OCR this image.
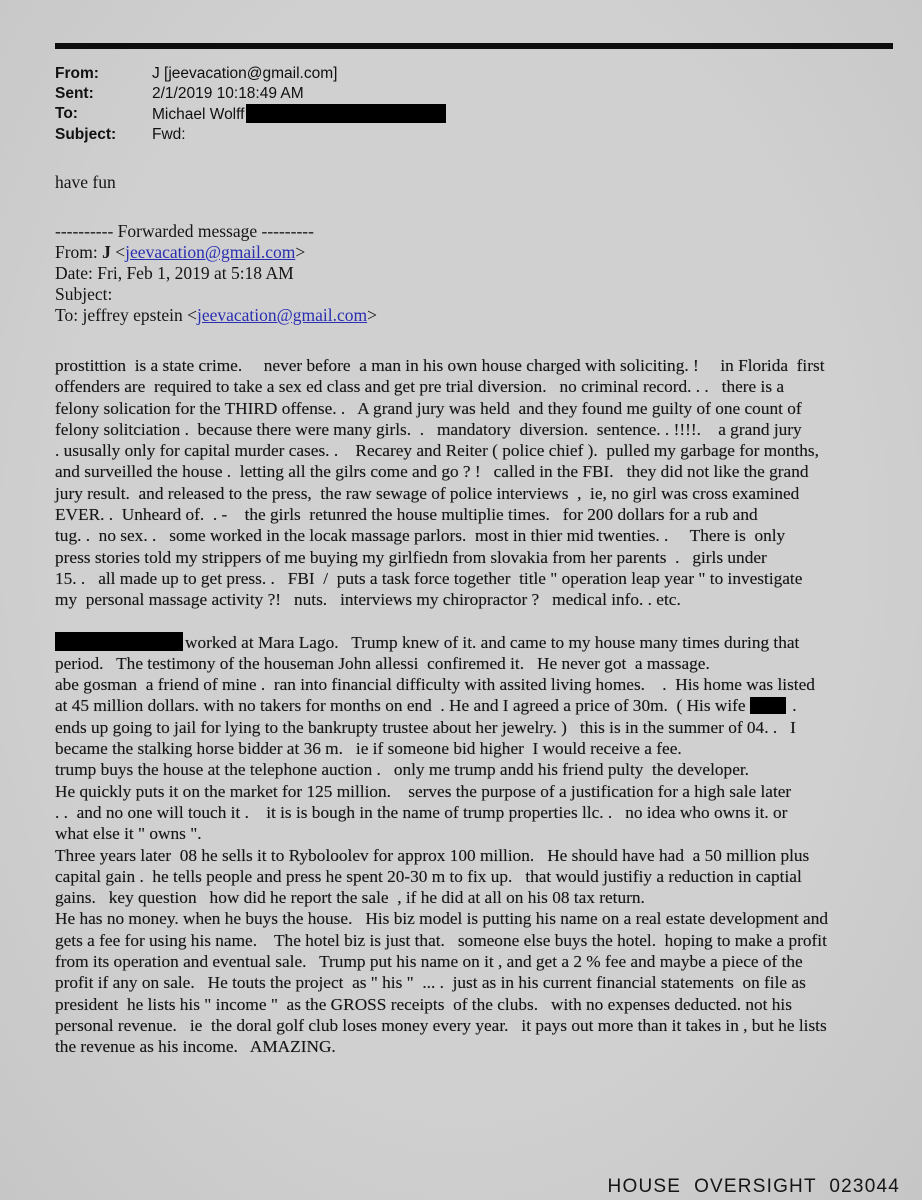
From:	J [jeevacation@gmail.com]
Sent:	2/1/2019 10:18:49 AM
To:	Michael Wolff
Subject:	Fwd:
have fun
---------- Forwarded message ---------
From: J <jeevacation@gmail.com>
Date: Fri, Feb 1, 2019 at 5:18 AM
Subject:
To: jeffrey epstein <jeevacation@gmail.com>
prostittion  is a state crime.     never before  a man in his own house charged with soliciting. !     in Florida  first
offenders are  required to take a sex ed class and get pre trial diversion.   no criminal record. . .   there is a
felony solication for the THIRD offense. .   A grand jury was held  and they found me guilty of one count of
felony solitciation .  because there were many girls.  .   mandatory  diversion.  sentence. . !!!!.    a grand jury
. ususally only for capital murder cases. .    Recarey and Reiter ( police chief ).  pulled my garbage for months,
and surveilled the house .  letting all the gilrs come and go ? !   called in the FBI.   they did not like the grand
jury result.  and released to the press,  the raw sewage of police interviews  ,  ie, no girl was cross examined
EVER. .  Unheard of.  . -    the girls  retunred the house multiplie times.   for 200 dollars for a rub and
tug. .  no sex. .   some worked in the locak massage parlors.  most in thier mid twenties. .     There is  only
press stories told my strippers of me buying my girlfiedn from slovakia from her parents  .   girls under
15. .   all made up to get press. .   FBI  /  puts a task force together  title " operation leap year " to investigate
my  personal massage activity ?!   nuts.   interviews my chiropractor ?   medical info. . etc.
worked at Mara Lago.   Trump knew of it. and came to my house many times during that
period.   The testimony of the houseman John allessi  confiremed it.   He never got  a massage.
abe gosman  a friend of mine .  ran into financial difficulty with assited living homes.    .  His home was listed
at 45 million dollars. with no takers for months on end  . He and I agreed a price of 30m.  ( His wife  .
ends up going to jail for lying to the bankrupty trustee about her jewelry. )   this is in the summer of 04. .   I
became the stalking horse bidder at 36 m.   ie if someone bid higher  I would receive a fee.
trump buys the house at the telephone auction .   only me trump andd his friend pulty  the developer.
He quickly puts it on the market for 125 million.    serves the purpose of a justification for a high sale later
. .  and no one will touch it .    it is is bough in the name of trump properties llc. .   no idea who owns it. or
what else it " owns ".
Three years later  08 he sells it to Ryboloolev for approx 100 million.   He should have had  a 50 million plus
capital gain .  he tells people and press he spent 20-30 m to fix up.   that would justifiy a reduction in captial
gains.   key question   how did he report the sale  , if he did at all on his 08 tax return.
He has no money. when he buys the house.   His biz model is putting his name on a real estate development and
gets a fee for using his name.    The hotel biz is just that.   someone else buys the hotel.  hoping to make a profit
from its operation and eventual sale.   Trump put his name on it , and get a 2 % fee and maybe a piece of the
profit if any on sale.   He touts the project  as " his "  ... .  just as in his current financial statements  on file as
president  he lists his " income "  as the GROSS receipts  of the clubs.   with no expenses deducted. not his
personal revenue.   ie  the doral golf club loses money every year.   it pays out more than it takes in , but he lists
the revenue as his income.   AMAZING.
HOUSE  OVERSIGHT  023044
